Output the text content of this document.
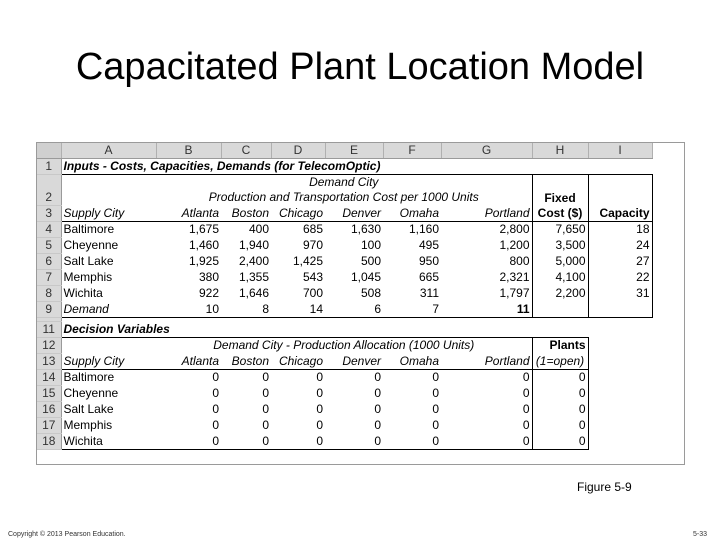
Capacitated Plant Location Model
	A	B	C	D	E	F	G	H	I
1	Inputs - Costs, Capacities, Demands (for TelecomOptic)								
2		Demand City
Production and Transportation Cost per 1000 Units						Fixed	
3	Supply City	Atlanta	Boston	Chicago	Denver	Omaha	Portland	Cost ($)	Capacity
4	Baltimore	1,675	400	685	1,630	1,160	2,800	7,650	18
5	Cheyenne	1,460	1,940	970	100	495	1,200	3,500	24
6	Salt Lake	1,925	2,400	1,425	500	950	800	5,000	27
7	Memphis	380	1,355	543	1,045	665	2,321	4,100	22
8	Wichita	922	1,646	700	508	311	1,797	2,200	31
9	Demand	10	8	14	6	7	11		

11	Decision Variables								
12		Demand City - Production Allocation (1000 Units)						Plants	
13	Supply City	Atlanta	Boston	Chicago	Denver	Omaha	Portland	(1=open)	
14	Baltimore	0	0	0	0	0	0	0	
15	Cheyenne	0	0	0	0	0	0	0	
16	Salt Lake	0	0	0	0	0	0	0	
17	Memphis	0	0	0	0	0	0	0	
18	Wichita	0	0	0	0	0	0	0	
Figure 5-9
Copyright © 2013 Pearson Education.	5-33
